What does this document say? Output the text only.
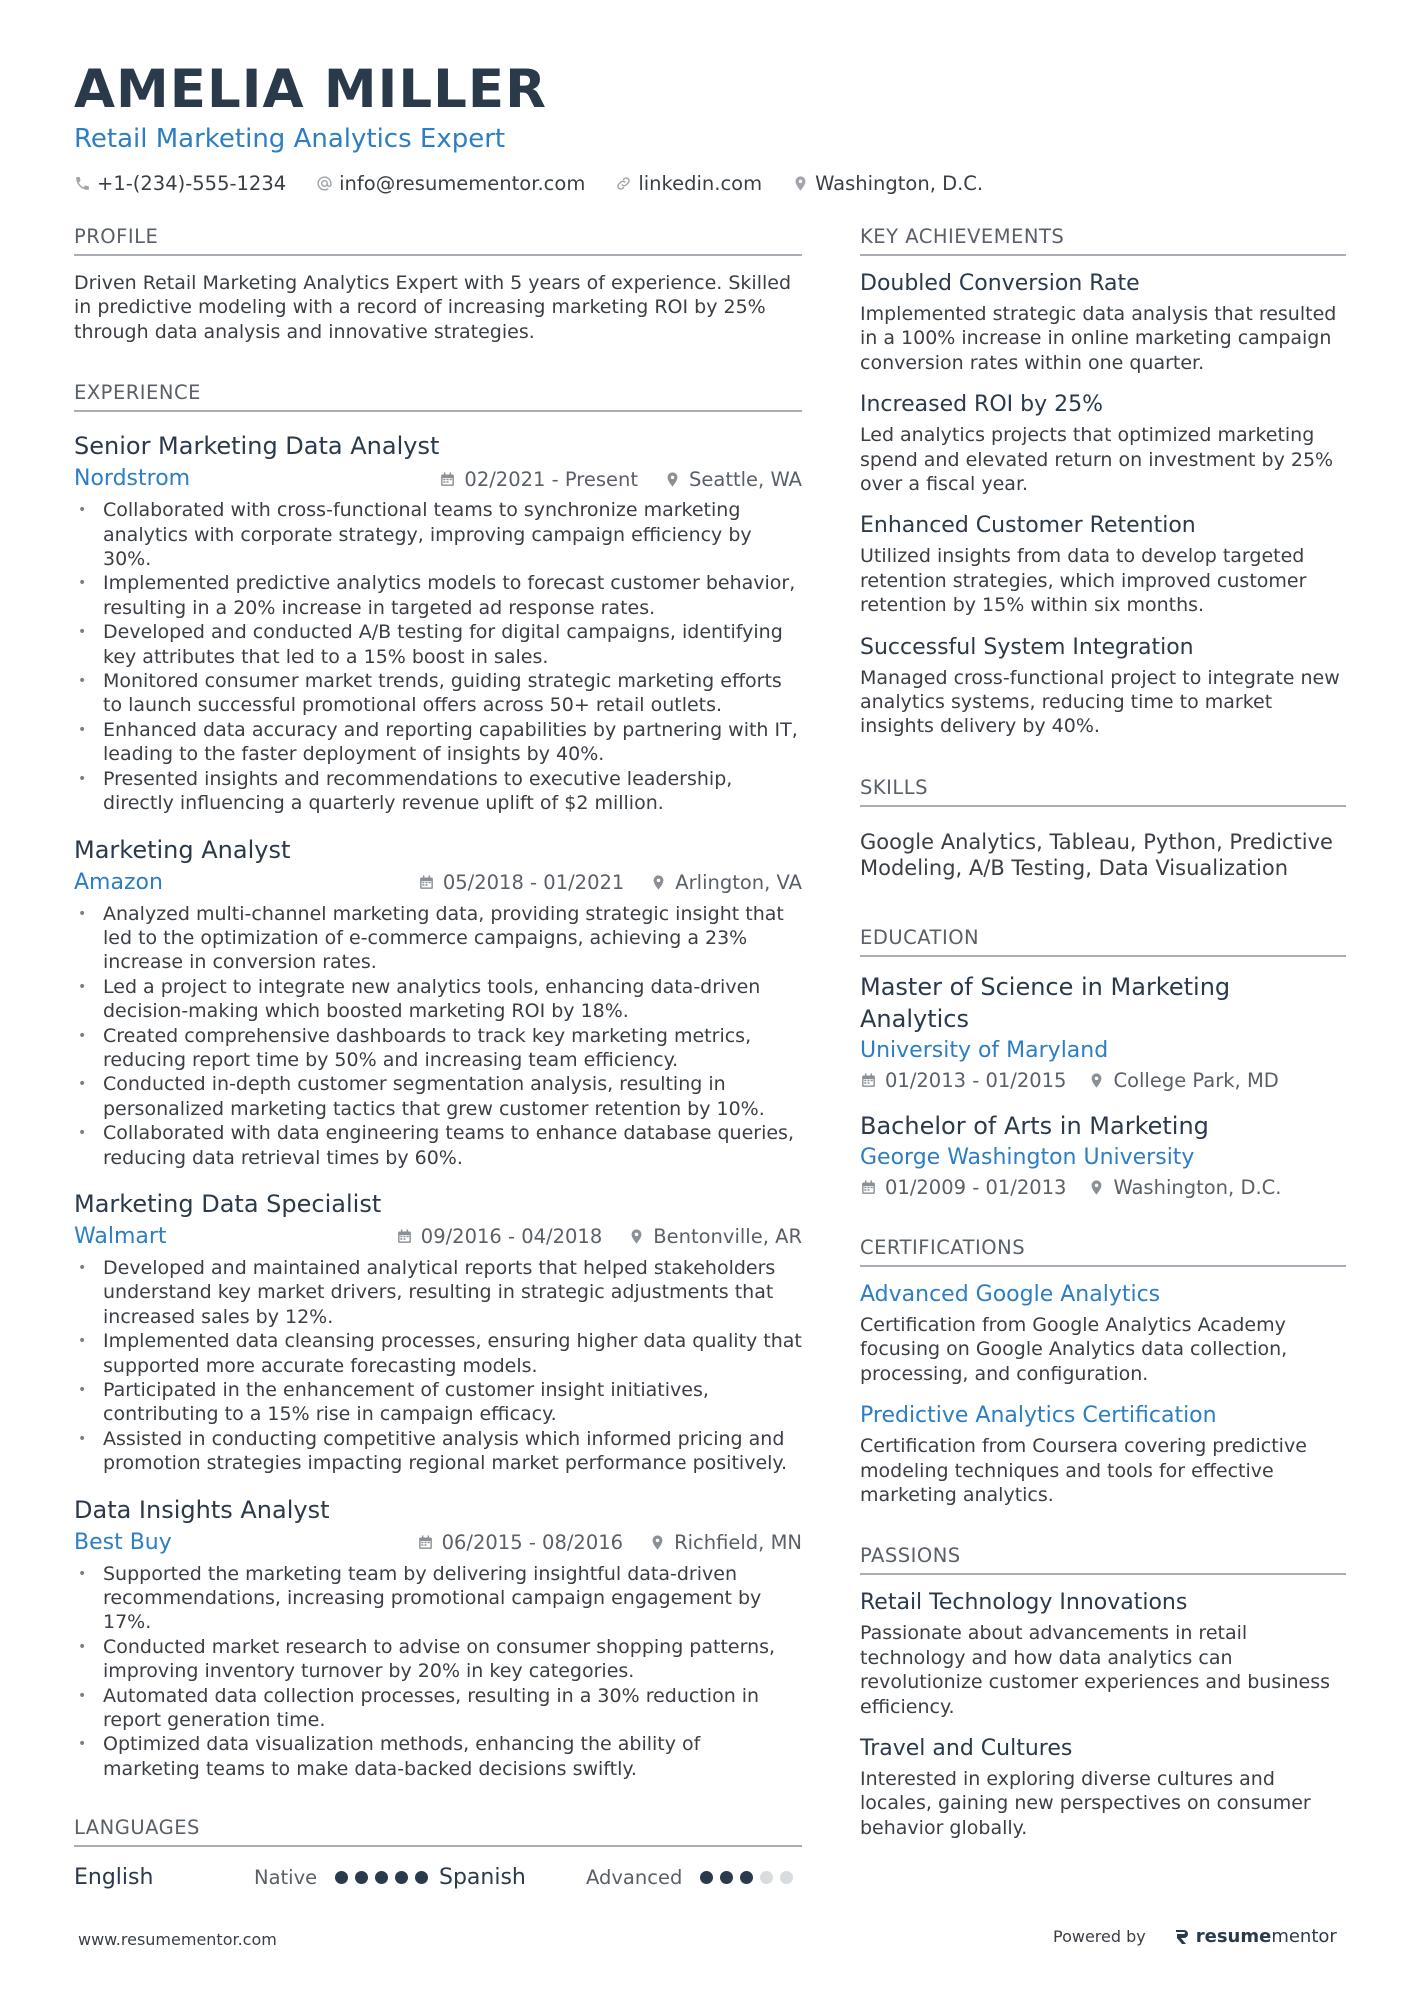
AMELIA MILLER
Retail Marketing Analytics Expert
+1-(234)-555-1234	info@resumementor.com	linkedin.com	Washington, D.C.
PROFILE
Driven Retail Marketing Analytics Expert with 5 years of experience. Skilled in predictive modeling with a record of increasing marketing ROI by 25% through data analysis and innovative strategies.
EXPERIENCE
Senior Marketing Data Analyst
Nordstrom	02/2021 - Present	Seattle, WA
• Collaborated with cross-functional teams to synchronize marketing analytics with corporate strategy, improving campaign efficiency by 30%.
• Implemented predictive analytics models to forecast customer behavior, resulting in a 20% increase in targeted ad response rates.
• Developed and conducted A/B testing for digital campaigns, identifying key attributes that led to a 15% boost in sales.
• Monitored consumer market trends, guiding strategic marketing efforts to launch successful promotional offers across 50+ retail outlets.
• Enhanced data accuracy and reporting capabilities by partnering with IT, leading to the faster deployment of insights by 40%.
• Presented insights and recommendations to executive leadership, directly influencing a quarterly revenue uplift of $2 million.
Marketing Analyst
Amazon	05/2018 - 01/2021	Arlington, VA
• Analyzed multi-channel marketing data, providing strategic insight that led to the optimization of e-commerce campaigns, achieving a 23% increase in conversion rates.
• Led a project to integrate new analytics tools, enhancing data-driven decision-making which boosted marketing ROI by 18%.
• Created comprehensive dashboards to track key marketing metrics, reducing report time by 50% and increasing team efficiency.
• Conducted in-depth customer segmentation analysis, resulting in personalized marketing tactics that grew customer retention by 10%.
• Collaborated with data engineering teams to enhance database queries, reducing data retrieval times by 60%.
Marketing Data Specialist
Walmart	09/2016 - 04/2018	Bentonville, AR
• Developed and maintained analytical reports that helped stakeholders understand key market drivers, resulting in strategic adjustments that increased sales by 12%.
• Implemented data cleansing processes, ensuring higher data quality that supported more accurate forecasting models.
• Participated in the enhancement of customer insight initiatives, contributing to a 15% rise in campaign efficacy.
• Assisted in conducting competitive analysis which informed pricing and promotion strategies impacting regional market performance positively.
Data Insights Analyst
Best Buy	06/2015 - 08/2016	Richfield, MN
• Supported the marketing team by delivering insightful data-driven recommendations, increasing promotional campaign engagement by 17%.
• Conducted market research to advise on consumer shopping patterns, improving inventory turnover by 20% in key categories.
• Automated data collection processes, resulting in a 30% reduction in report generation time.
• Optimized data visualization methods, enhancing the ability of marketing teams to make data-backed decisions swiftly.
LANGUAGES
English	Native	Spanish	Advanced
KEY ACHIEVEMENTS
Doubled Conversion Rate
Implemented strategic data analysis that resulted in a 100% increase in online marketing campaign conversion rates within one quarter.
Increased ROI by 25%
Led analytics projects that optimized marketing spend and elevated return on investment by 25% over a fiscal year.
Enhanced Customer Retention
Utilized insights from data to develop targeted retention strategies, which improved customer retention by 15% within six months.
Successful System Integration
Managed cross-functional project to integrate new analytics systems, reducing time to market insights delivery by 40%.
SKILLS
Google Analytics, Tableau, Python, Predictive Modeling, A/B Testing, Data Visualization
EDUCATION
Master of Science in Marketing Analytics
University of Maryland
01/2013 - 01/2015 College Park, MD
Bachelor of Arts in Marketing
George Washington University
01/2009 - 01/2013 Washington, D.C.
CERTIFICATIONS
Advanced Google Analytics
Certification from Google Analytics Academy focusing on Google Analytics data collection, processing, and configuration.
Predictive Analytics Certification
Certification from Coursera covering predictive modeling techniques and tools for effective marketing analytics.
PASSIONS
Retail Technology Innovations
Passionate about advancements in retail technology and how data analytics can revolutionize customer experiences and business efficiency.
Travel and Cultures
Interested in exploring diverse cultures and locales, gaining new perspectives on consumer behavior globally.
www.resumementor.com	Powered by	resumementor
